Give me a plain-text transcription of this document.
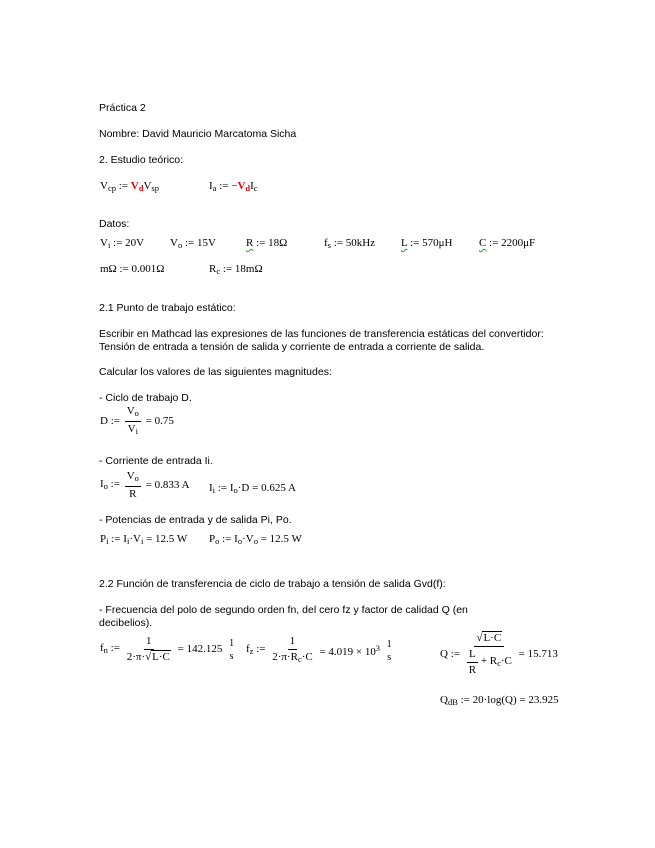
Práctica 2
Nombre: David Mauricio Marcatoma Sicha
2. Estudio teórico:
$V_{cp}$ := $V_dV_{sp}$	$I_a$ := $-V_dI_c$
Datos:
$V_i$ := 20V $V_o$ := 15V	R := 18Ω	$f_s$ := 50kHz L := 570μH C := 2200μF
mΩ := 0.001Ω	$R_c$ := 18mΩ
2.1 Punto de trabajo estático:
Escribir en Mathcad las expresiones de las funciones de transferencia estáticas del convertidor:
Tensión de entrada a tensión de salida y corriente de entrada a corriente de salida.
Calcular los valores de las siguientes magnitudes:
- Ciclo de trabajo D.
D := $\frac{V_o}{V_i} = 0.75$
- Corriente de entrada Ii.
$I_o$ := $\frac{V_o}{R} = 0.833$ A $I_i$ := $I_o\cdot D = 0.625$ A
- Potencias de entrada y de salida Pi, Po.
$P_i$ := $I_i\cdot V_i = 12.5$ W $P_o$ := $I_o\cdot V_o = 12.5$ W
2.2 Función de transferencia de ciclo de trabajo a tensión de salida Gvd(f):
- Frecuencia del polo de segundo orden fn, del cero fz y factor de calidad Q (en
decibelios).
$f_n$ := $\frac{1}{2\cdot\pi\cdot√L\cdot C} = 142.125$ 1
s
$f_z$ := $\frac{1}{2\cdot\pi\cdot R_c\cdot C} = 4.019 \times 10^3$ 1
s	Q := $\frac{√L\cdot C}{\frac{L}{R} + R_c\cdot C} = 15.713$
$Q_{dB}$ := 20·log(Q) = 23.925
